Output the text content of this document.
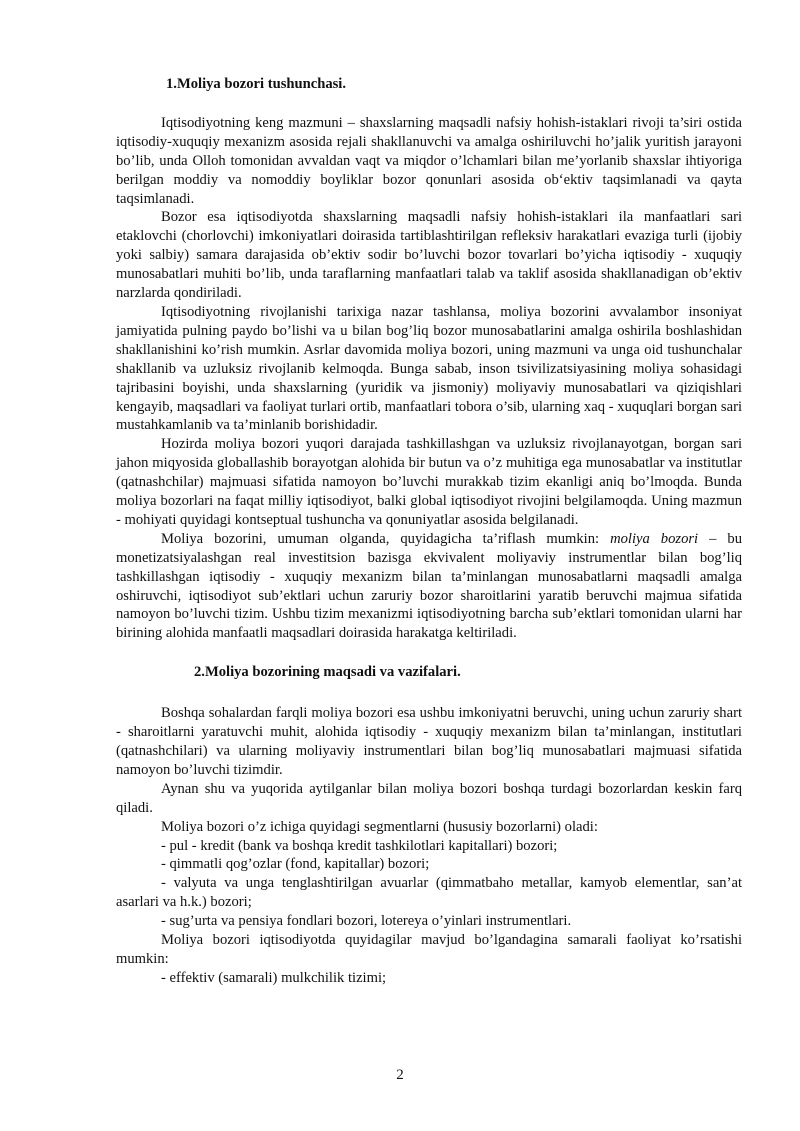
1.Moliya bozori tushunchasi.

Iqtisodiyotning keng mazmuni – shaxslarning maqsadli nafsiy hohish-istaklari rivoji ta’siri ostida iqtisodiy-xuquqiy mexanizm asosida rejali shakllanuvchi va amalga oshiriluvchi ho’jalik yuritish jarayoni bo’lib, unda Olloh tomonidan avvaldan vaqt va miqdor o’lchamlari bilan me’yorlanib shaxslar ihtiyoriga berilgan moddiy va nomoddiy boyliklar bozor qonunlari asosida obʻektiv taqsimlanadi va qayta taqsimlanadi.

Bozor esa iqtisodiyotda shaxslarning maqsadli nafsiy hohish-istaklari ila manfaatlari sari etaklovchi (chorlovchi) imkoniyatlari doirasida tartiblashtirilgan refleksiv harakatlari evaziga turli (ijobiy yoki salbiy) samara darajasida ob’ektiv sodir bo’luvchi bozor tovarlari bo’yicha iqtisodiy - xuquqiy munosabatlari muhiti bo’lib, unda taraflarning manfaatlari talab va taklif asosida shakllanadigan ob’ektiv narzlarda qondiriladi.

Iqtisodiyotning rivojlanishi tarixiga nazar tashlansa, moliya bozorini avvalambor insoniyat jamiyatida pulning paydo bo’lishi va u bilan bog’liq bozor munosabatlarini amalga oshirila boshlashidan shakllanishini ko’rish mumkin. Asrlar davomida moliya bozori, uning mazmuni va unga oid tushunchalar shakllanib va uzluksiz rivojlanib kelmoqda. Bunga sabab, inson tsivilizatsiyasining moliya sohasidagi tajribasini boyishi, unda shaxslarning (yuridik va jismoniy) moliyaviy munosabatlari va qiziqishlari kengayib, maqsadlari va faoliyat turlari ortib, manfaatlari tobora o’sib, ularning xaq - xuquqlari borgan sari mustahkamlanib va ta’minlanib borishidadir.

Hozirda moliya bozori yuqori darajada tashkillashgan va uzluksiz rivojlanayotgan, borgan sari jahon miqyosida globallashib borayotgan alohida bir butun va o’z muhitiga ega munosabatlar va institutlar (qatnashchilar) majmuasi sifatida namoyon bo’luvchi murakkab tizim ekanligi aniq bo’lmoqda. Bunda moliya bozorlari na faqat milliy iqtisodiyot, balki global iqtisodiyot rivojini belgilamoqda. Uning mazmun - mohiyati quyidagi kontseptual tushuncha va qonuniyatlar asosida belgilanadi.

Moliya bozorini, umuman olganda, quyidagicha ta’riflash mumkin: moliya bozori – bu monetizatsiyalashgan real investitsion bazisga ekvivalent moliyaviy instrumentlar bilan bog’liq tashkillashgan iqtisodiy - xuquqiy mexanizm bilan ta’minlangan munosabatlarni maqsadli amalga oshiruvchi, iqtisodiyot sub’ektlari uchun zaruriy bozor sharoitlarini yaratib beruvchi majmua sifatida namoyon bo’luvchi tizim. Ushbu tizim mexanizmi iqtisodiyotning barcha sub’ektlari tomonidan ularni har birining alohida manfaatli maqsadlari doirasida harakatga keltiriladi.

2.Moliya bozorining maqsadi va vazifalari.

Boshqa sohalardan farqli moliya bozori esa ushbu imkoniyatni beruvchi, uning uchun zaruriy shart - sharoitlarni yaratuvchi muhit, alohida iqtisodiy - xuquqiy mexanizm bilan ta’minlangan, institutlari (qatnashchilari) va ularning moliyaviy instrumentlari bilan bog’liq munosabatlari majmuasi sifatida namoyon bo’luvchi tizimdir.

Aynan shu va yuqorida aytilganlar bilan moliya bozori boshqa turdagi bozorlardan keskin farq qiladi.

Moliya bozori o’z ichiga quyidagi segmentlarni (hususiy bozorlarni) oladi:

- pul - kredit (bank va boshqa kredit tashkilotlari kapitallari) bozori;

- qimmatli qog’ozlar (fond, kapitallar) bozori;

- valyuta va unga tenglashtirilgan avuarlar (qimmatbaho metallar, kamyob elementlar, san’at asarlari va h.k.) bozori;

- sug’urta va pensiya fondlari bozori, lotereya o’yinlari instrumentlari.

Moliya bozori iqtisodiyotda quyidagilar mavjud bo’lgandagina samarali faoliyat ko’rsatishi mumkin:

- effektiv (samarali) mulkchilik tizimi;

2
